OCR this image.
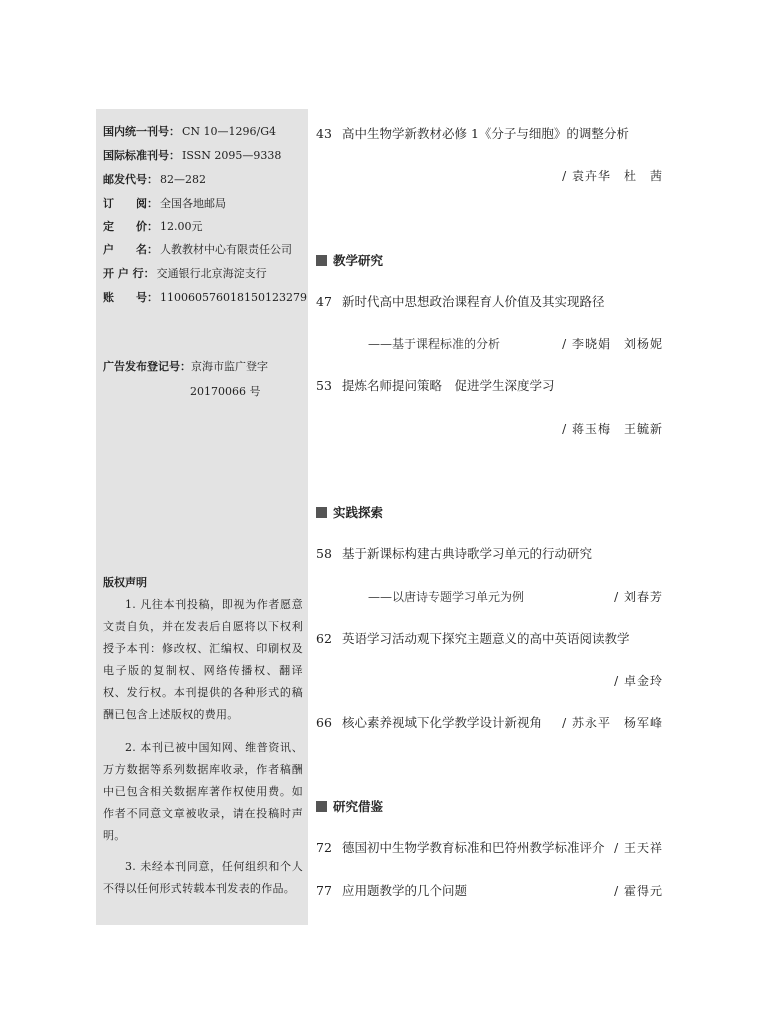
国内统一刊号： CN 10—1296/G4
国际标准刊号： ISSN 2095—9338
邮发代号： 82—282
订　　阅： 全国各地邮局
定　　价： 12.00元
户　　名： 人教教材中心有限责任公司
开 户 行： 交通银行北京海淀支行
账　　号： 110060576018150123279
广告发布登记号：京海市监广登字
20170066 号
版权声明
1. 凡往本刊投稿，即视为作者愿意文责自负，并在发表后自愿将以下权利授予本刊：修改权、汇编权、印刷权及电子版的复制权、网络传播权、翻译权、发行权。本刊提供的各种形式的稿酬已包含上述版权的费用。
2. 本刊已被中国知网、维普资讯、万方数据等系列数据库收录，作者稿酬中已包含相关数据库著作权使用费。如作者不同意文章被收录，请在投稿时声明。
3. 未经本刊同意，任何组织和个人不得以任何形式转载本刊发表的作品。
43 高中生物学新教材必修 1《分子与细胞》的调整分析
/ 袁卉华　杜　茜
教学研究
47 新时代高中思想政治课程育人价值及其实现路径
——基于课程标准的分析	/ 李晓娟　刘杨妮
53 提炼名师提问策略　促进学生深度学习
/ 蒋玉梅　王毓新
实践探索
58 基于新课标构建古典诗歌学习单元的行动研究
——以唐诗专题学习单元为例	/ 刘春芳
62 英语学习活动观下探究主题意义的高中英语阅读教学
/ 卓金玲
66 核心素养视域下化学教学设计新视角 / 苏永平　杨军峰
研究借鉴
72 德国初中生物学教育标准和巴符州教学标准评介 / 王天祥
77 应用题教学的几个问题	/ 霍得元
